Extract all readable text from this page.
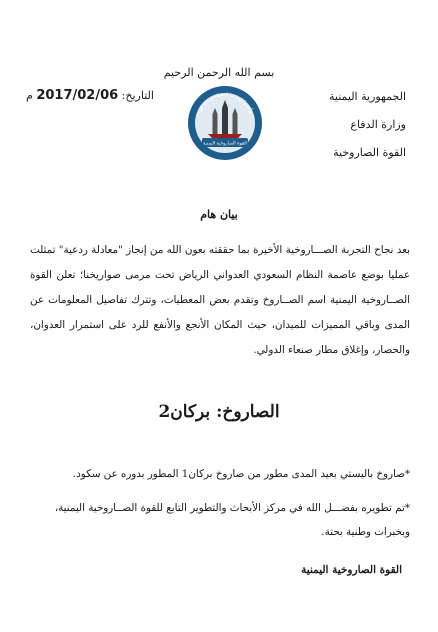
بسم الله الرحمن الرحيم
التاريخ: 2017/02/06 م	الجمهورية اليمنية
وزارة الدفاع
القوة الصاروخية
وأعدوا لهم ما استطعتم من قوة
القوة الصاروخية اليمنية
بيان هام
بعد نجاح التجربة الصـــاروخية الأخيرة بما حققته بعون الله من إنجاز "معادلة ردعية" تمثلت عمليا بوضع عاصمة النظام السعودي العدواني الرياض تحت مرمى صواريخنا؛ تعلن القوة الصــاروخية اليمنية اسم الصــاروخ وتقدم بعض المعطيات، وتترك تفاصيل المعلومات عن المدى وباقي المميزات للميدان، حيث المكان الأنجع والأنفع للرد على استمرار العدوان، والحصار، وإغلاق مطار صنعاء الدولي.
الصاروخ: بركان2

*صاروخ باليستي بعيد المدى مطور من صاروخ بركان1 المطور بدوره عن سكود.

*تم تطويره بفضـــل الله في مركز الأبحاث والتطوير التابع للقوة الصــاروخية اليمنية، وبخبرات وطنية بحتة.

القوة الصاروخية اليمنية
